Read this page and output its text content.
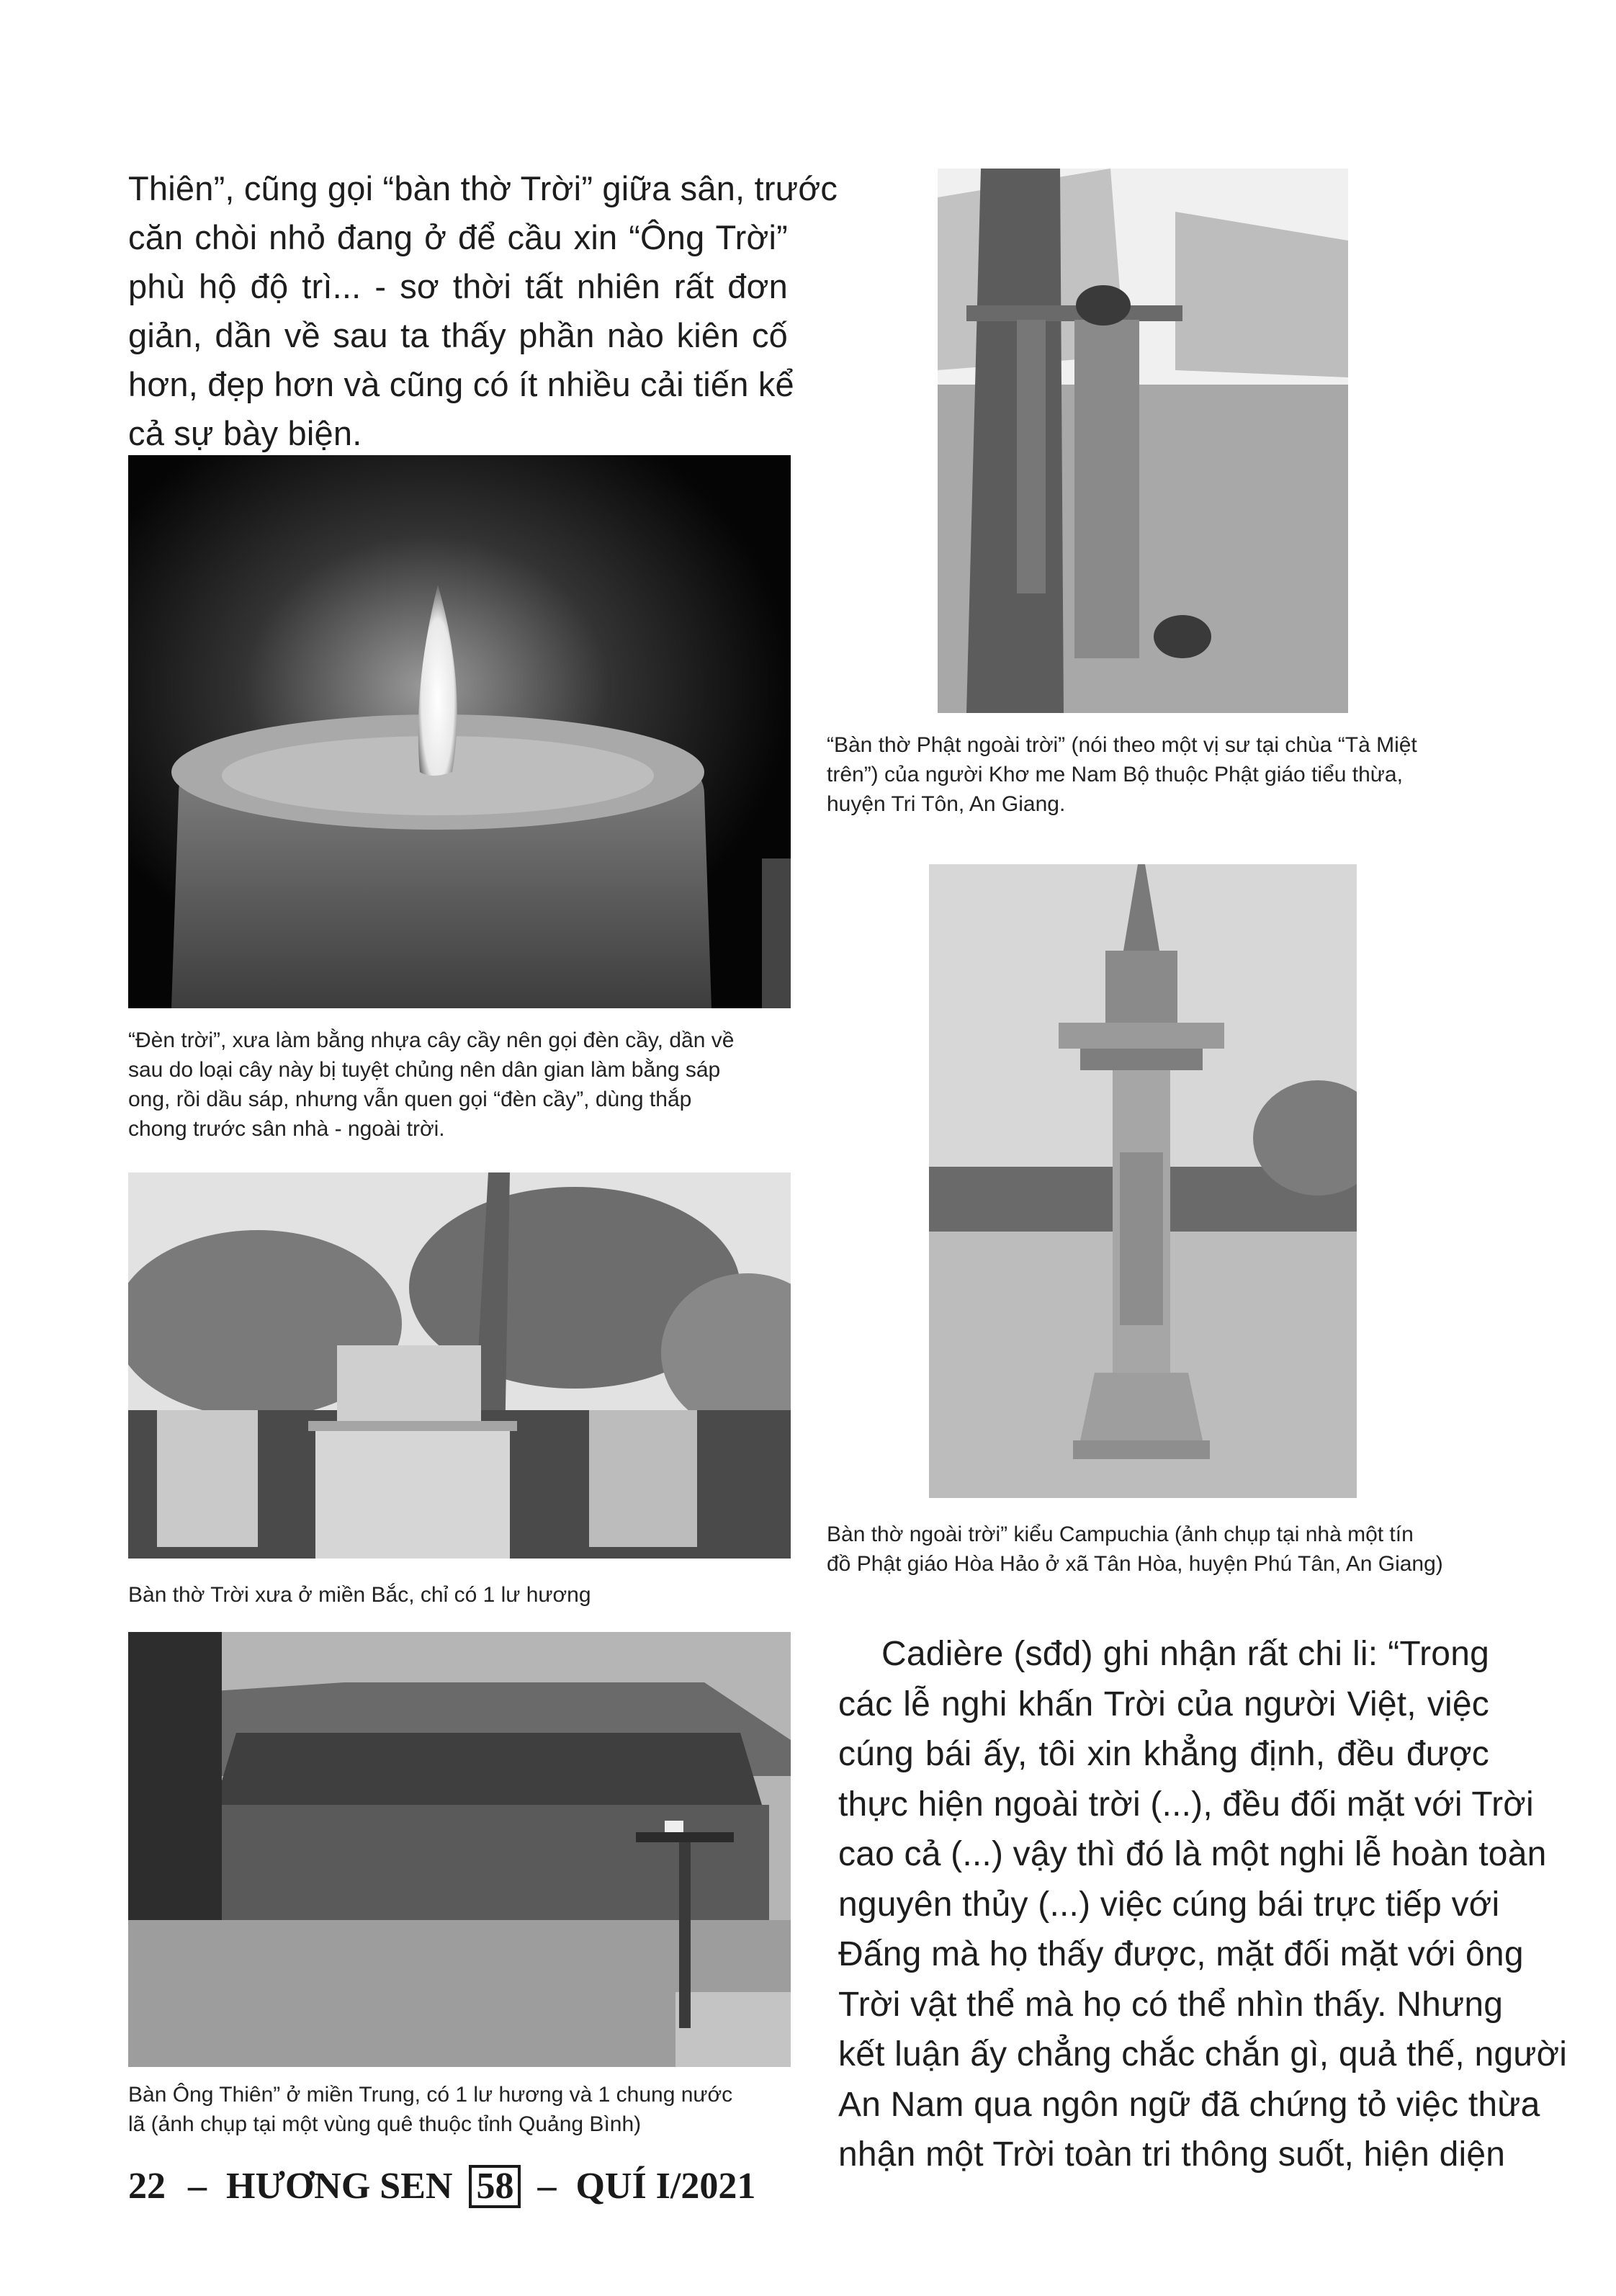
Thiên”, cũng gọi “bàn thờ Trời” giữa sân, trước
căn chòi nhỏ đang ở để cầu xin “Ông Trời”
phù hộ độ trì... - sơ thời tất nhiên rất đơn
giản, dần về sau ta thấy phần nào kiên cố
hơn, đẹp hơn và cũng có ít nhiều cải tiến kể
cả sự bày biện.
“Đèn trời”, xưa làm bằng nhựa cây cầy nên gọi đèn cầy, dần về
sau do loại cây này bị tuyệt chủng nên dân gian làm bằng sáp
ong, rồi dầu sáp, nhưng vẫn quen gọi “đèn cầy”, dùng thắp
chong trước sân nhà - ngoài trời.
Bàn thờ Trời xưa ở miền Bắc, chỉ có 1 lư hương
Bàn Ông Thiên” ở miền Trung, có 1 lư hương và 1 chung nước
lã (ảnh chụp tại một vùng quê thuộc tỉnh Quảng Bình)
“Bàn thờ Phật ngoài trời” (nói theo một vị sư tại chùa “Tà Miệt
trên”) của người Khơ me Nam Bộ thuộc Phật giáo tiểu thừa,
huyện Tri Tôn, An Giang.
Bàn thờ ngoài trời” kiểu Campuchia (ảnh chụp tại nhà một tín
đồ Phật giáo Hòa Hảo ở xã Tân Hòa, huyện Phú Tân, An Giang)
Cadière (sđd) ghi nhận rất chi li: “Trong
các lễ nghi khấn Trời của người Việt, việc
cúng bái ấy, tôi xin khẳng định, đều được
thực hiện ngoài trời (...), đều đối mặt với Trời
cao cả (...) vậy thì đó là một nghi lễ hoàn toàn
nguyên thủy (...) việc cúng bái trực tiếp với
Đấng mà họ thấy được, mặt đối mặt với ông
Trời vật thể mà họ có thể nhìn thấy. Nhưng
kết luận ấy chẳng chắc chắn gì, quả thế, người
An Nam qua ngôn ngữ đã chứng tỏ việc thừa
nhận một Trời toàn tri thông suốt, hiện diện
22 – HƯƠNG SEN 58 – QUÍ I/2021
